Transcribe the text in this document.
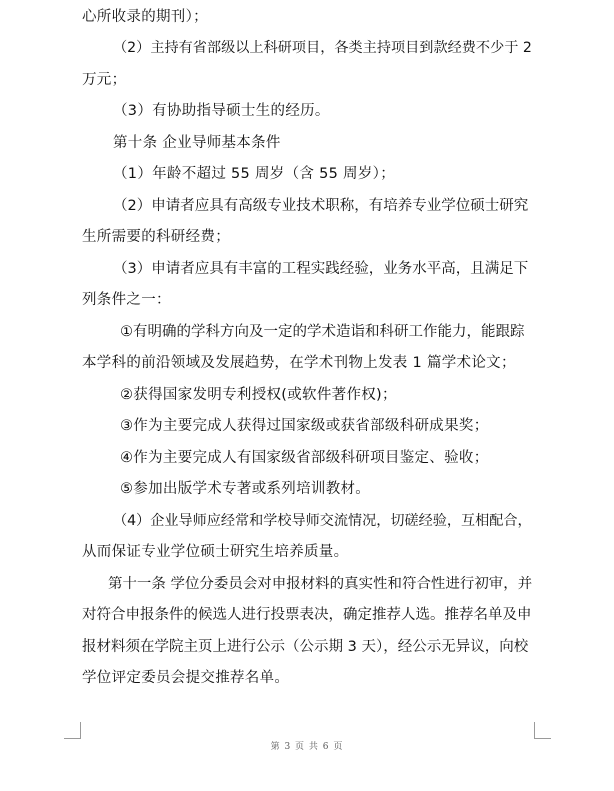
心所收录的期刊）；
（2）主持有省部级以上科研项目，各类主持项目到款经费不少于 2
万元；
（3）有协助指导硕士生的经历。
第十条 企业导师基本条件
（1）年龄不超过 55 周岁（含 55 周岁）；
（2）申请者应具有高级专业技术职称，有培养专业学位硕士研究
生所需要的科研经费；
（3）申请者应具有丰富的工程实践经验，业务水平高，且满足下
列条件之一：
①有明确的学科方向及一定的学术造诣和科研工作能力，能跟踪
本学科的前沿领域及发展趋势，在学术刊物上发表 1 篇学术论文；
②获得国家发明专利授权(或软件著作权)；
③作为主要完成人获得过国家级或获省部级科研成果奖；
④作为主要完成人有国家级省部级科研项目鉴定、验收；
⑤参加出版学术专著或系列培训教材。
（4）企业导师应经常和学校导师交流情况，切磋经验，互相配合，
从而保证专业学位硕士研究生培养质量。
第十一条 学位分委员会对申报材料的真实性和符合性进行初审，并
对符合申报条件的候选人进行投票表决，确定推荐人选。推荐名单及申
报材料须在学院主页上进行公示（公示期 3 天），经公示无异议，向校
学位评定委员会提交推荐名单。
第 3 页 共 6 页
